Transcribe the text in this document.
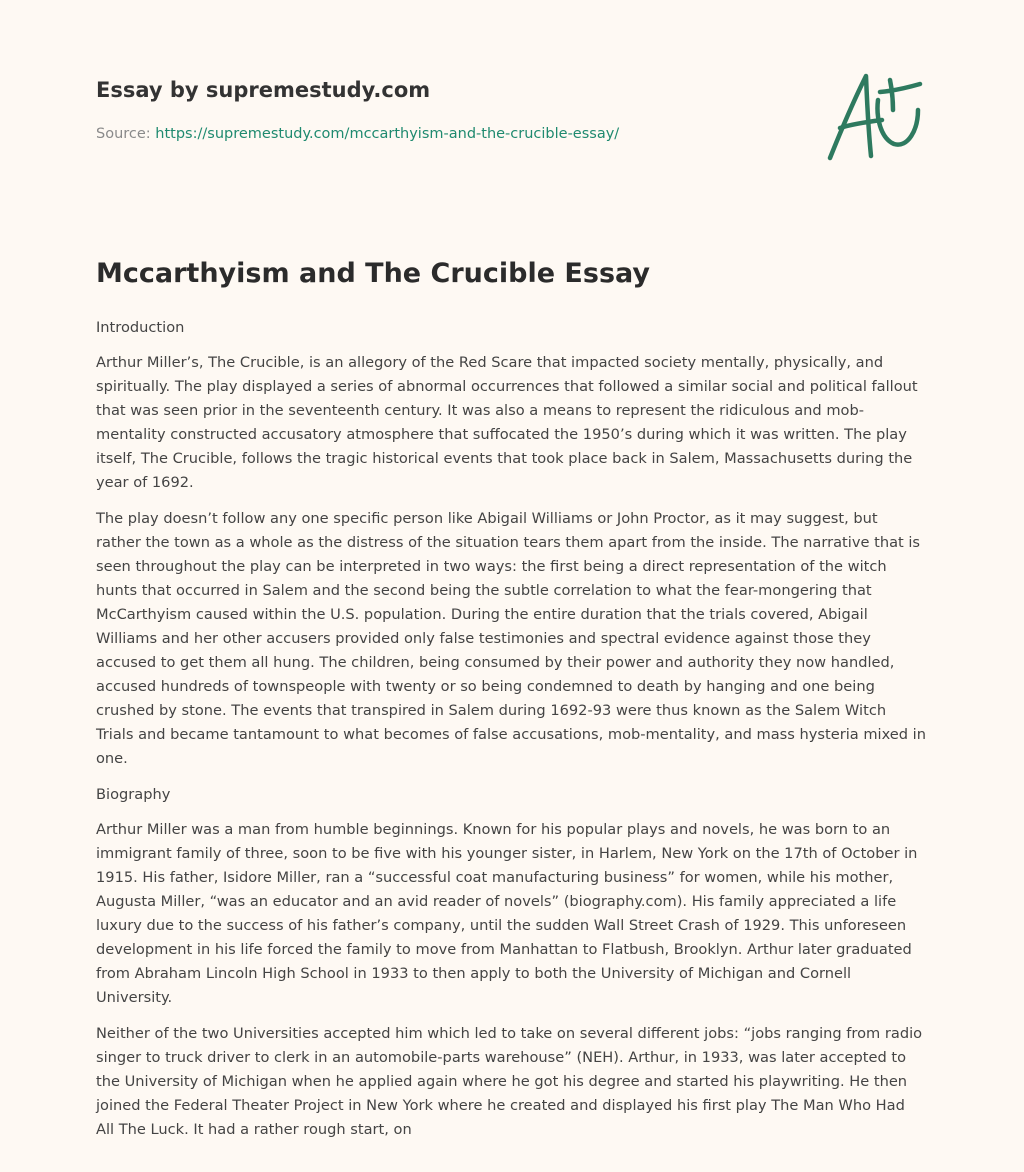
Essay by supremestudy.com
Source: https://supremestudy.com/mccarthyism-and-the-crucible-essay/
Mccarthyism and The Crucible Essay
Introduction

Arthur Miller’s, The Crucible, is an allegory of the Red Scare that impacted society mentally, physically, and spiritually. The play displayed a series of abnormal occurrences that followed a similar social and political fallout that was seen prior in the seventeenth century. It was also a means to represent the ridiculous and mob-mentality constructed accusatory atmosphere that suffocated the 1950’s during which it was written. The play itself, The Crucible, follows the tragic historical events that took place back in Salem, Massachusetts during the year of 1692.

The play doesn’t follow any one specific person like Abigail Williams or John Proctor, as it may suggest, but rather the town as a whole as the distress of the situation tears them apart from the inside. The narrative that is seen throughout the play can be interpreted in two ways: the first being a direct representation of the witch hunts that occurred in Salem and the second being the subtle correlation to what the fear-mongering that McCarthyism caused within the U.S. population. During the entire duration that the trials covered, Abigail Williams and her other accusers provided only false testimonies and spectral evidence against those they accused to get them all hung. The children, being consumed by their power and authority they now handled, accused hundreds of townspeople with twenty or so being condemned to death by hanging and one being crushed by stone. The events that transpired in Salem during 1692-93 were thus known as the Salem Witch Trials and became tantamount to what becomes of false accusations, mob-mentality, and mass hysteria mixed in one.

Biography

Arthur Miller was a man from humble beginnings. Known for his popular plays and novels, he was born to an immigrant family of three, soon to be five with his younger sister, in Harlem, New York on the 17th of October in 1915. His father, Isidore Miller, ran a “successful coat manufacturing business” for women, while his mother, Augusta Miller, “was an educator and an avid reader of novels” (biography.com). His family appreciated a life luxury due to the success of his father’s company, until the sudden Wall Street Crash of 1929. This unforeseen development in his life forced the family to move from Manhattan to Flatbush, Brooklyn. Arthur later graduated from Abraham Lincoln High School in 1933 to then apply to both the University of Michigan and Cornell University.

Neither of the two Universities accepted him which led to take on several different jobs: “jobs ranging from radio singer to truck driver to clerk in an automobile-parts warehouse” (NEH). Arthur, in 1933, was later accepted to the University of Michigan when he applied again where he got his degree and started his playwriting. He then joined the Federal Theater Project in New York where he created and displayed his first play The Man Who Had All The Luck. It had a rather rough start, on
